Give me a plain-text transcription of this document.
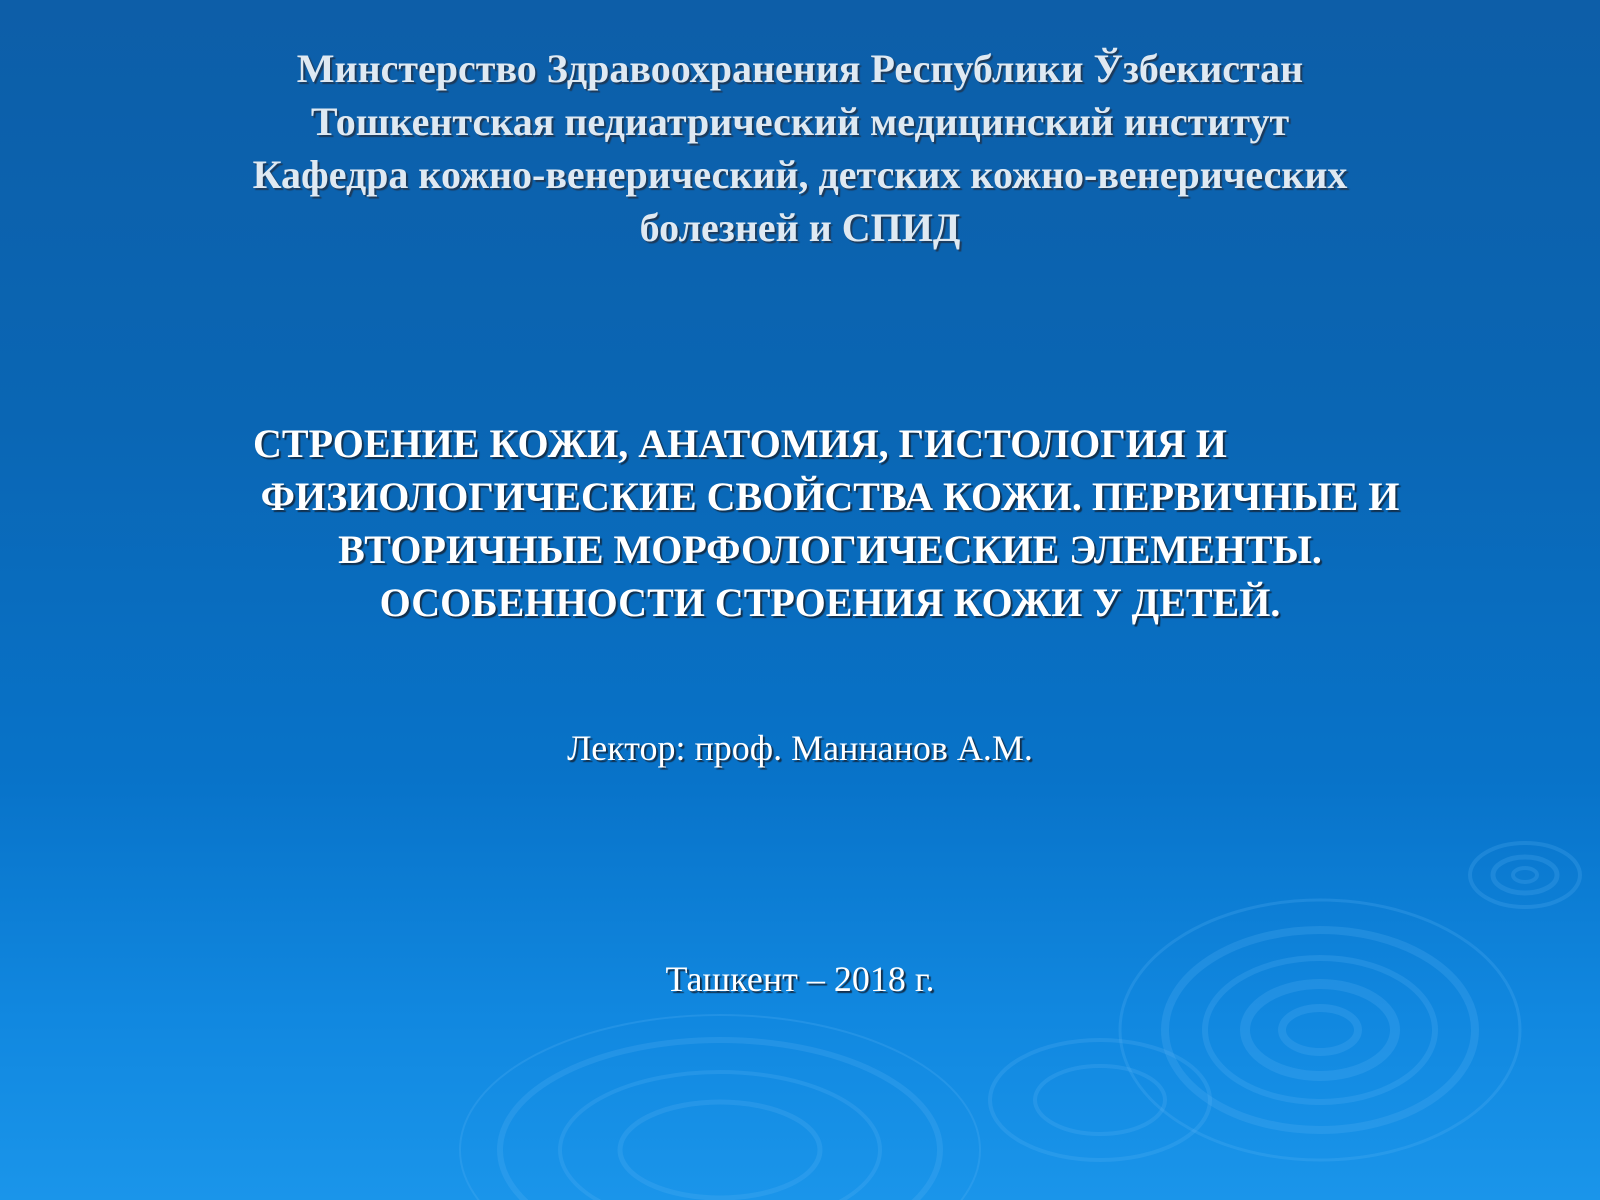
Минстерство Здравоохранения Республики Ўзбекистан
Тошкентская педиатрический медицинский институт
Кафедра кожно-венерический, детских кожно-венерических
болезней и СПИД
СТРОЕНИЕ КОЖИ, АНАТОМИЯ, ГИСТОЛОГИЯ И
ФИЗИОЛОГИЧЕСКИЕ СВОЙСТВА КОЖИ. ПЕРВИЧНЫЕ И
ВТОРИЧНЫЕ МОРФОЛОГИЧЕСКИЕ ЭЛЕМЕНТЫ.
ОСОБЕННОСТИ СТРОЕНИЯ КОЖИ У ДЕТЕЙ.
Лектор: проф. Маннанов А.М.
Ташкент – 2018 г.
